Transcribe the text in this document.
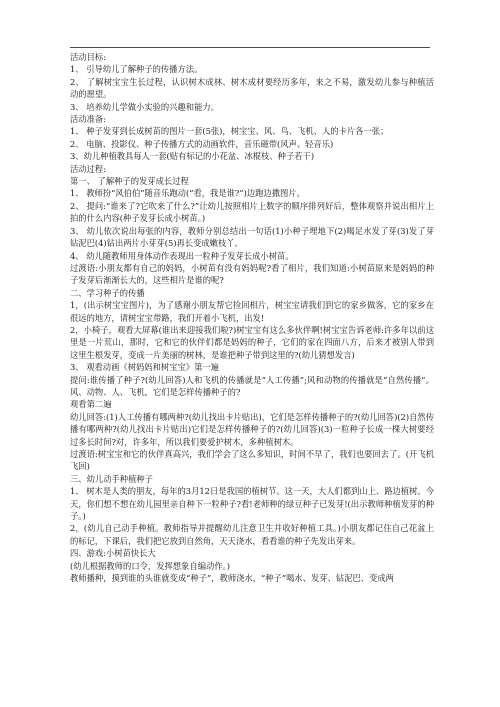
活动目标:

1、 引导幼儿了解种子的传播方法。

2、 了解树宝宝生长过程，认识树木成林、树木成材要经历多年，来之不易，激发幼儿参与种植活动的愿望。

3、 培养幼儿学做小实验的兴趣和能力。

活动准备:

1、 种子发芽到长成树苗的图片一套(5张)，树宝宝、风、鸟、飞机、人的卡片各一张；

2、 电脑、投影仪、种子传播方式的动画软件，音乐磁带(风声、轻音乐)

3、幼儿种植教具每人一套(贴有标记的小花盆、冰棍枝、种子若干)

活动过程:

第一、 了解种子的发芽成长过程

1、 教师扮“风伯伯”随音乐跑动(“看，我是谁?”)边跑边撒图片。

2、 提问:“谁来了?它吹来了什么?”让幼儿按照相片上数字的顺序排列好后，整体观察并说出相片上拍的什么内容(种子发芽长成小树苗。)

3、 幼儿依次说出每张的内容，教师分别总结出一句话(1)小种子埋地下(2)喝足水发了芽(3)发了芽钻泥巴(4)钻出两片小芽芽(5)再长变成嫩枝丫。

4、 幼儿随教师用身体动作表现出一粒种子发芽长成小树苗。

过渡语:小朋友都有自己的妈妈，小树苗有没有妈妈呢?看了相片，我们知道:小树苗原来是妈妈的种子发芽后渐渐长大的，这些相片是谁的呢?

二、学习种子的传播

1，(出示树宝宝图片)，为了感谢小朋友帮它捡回相片，树宝宝请我们到它的家乡做客，它的家乡在很远的地方，请树宝宝带路，我们开着小飞机，出发!

2，小椅子，观看大屏幕(谁出来迎接我们啦?)树宝宝有这么多伙伴啊!树宝宝告诉老师:许多年以前这里是一片荒山，那时，它和它的伙伴们都是妈妈的种子，它们的家在四面八方，后来才被别人带到这里生根发芽，变成一片美丽的树林，是谁把种子带到这里的?(幼儿猜想发言)

3、 观看动画《树妈妈和树宝宝》第一遍

提问:谁传播了种子?(幼儿回答)人和飞机的传播就是“人工传播”;风和动物的传播就是“自然传播”。风、动物、人、飞机，它们是怎样传播种子的?

观看第二遍

幼儿回答:(1)人工传播有哪两种?(幼儿找出卡片贴出)，它们是怎样传播种子的?(幼儿回答)(2)自然传播有哪两种?(幼儿找出卡片贴出)它们是怎样传播种子的?(幼儿回答)(3)一粒种子长成一棵大树要经过多长时间?对，许多年，所以我们要爱护树木，多种植树木。

过渡语:树宝宝和它的伙伴真高兴，我们学会了这么多知识，时间不早了，我们也要回去了。(开飞机飞回)

三、幼儿动手种植种子

1、 树木是人类的朋友，每年的3月12日是我国的植树节。这一天，大人们都到山上、路边植树。今天，你们想不想在幼儿园里亲自种下一粒种子?看!老师种的绿豆种子已发芽!(出示教师种植发芽的种子。)

2，(幼儿自己动手种植。教师指导并提醒幼儿注意卫生并收好种植工具。)小朋友都记住自己花盆上的标记，下课后，我们把它放到自然角，天天浇水，看看谁的种子先发出芽来。

四、游戏:小树苗快长大

(幼儿根据教师的口令，发挥想象自编动作。)

教师播种，摸到谁的头谁就变成“种子”，教师浇水，“种子”喝水、发芽、钻泥巴、变成两
